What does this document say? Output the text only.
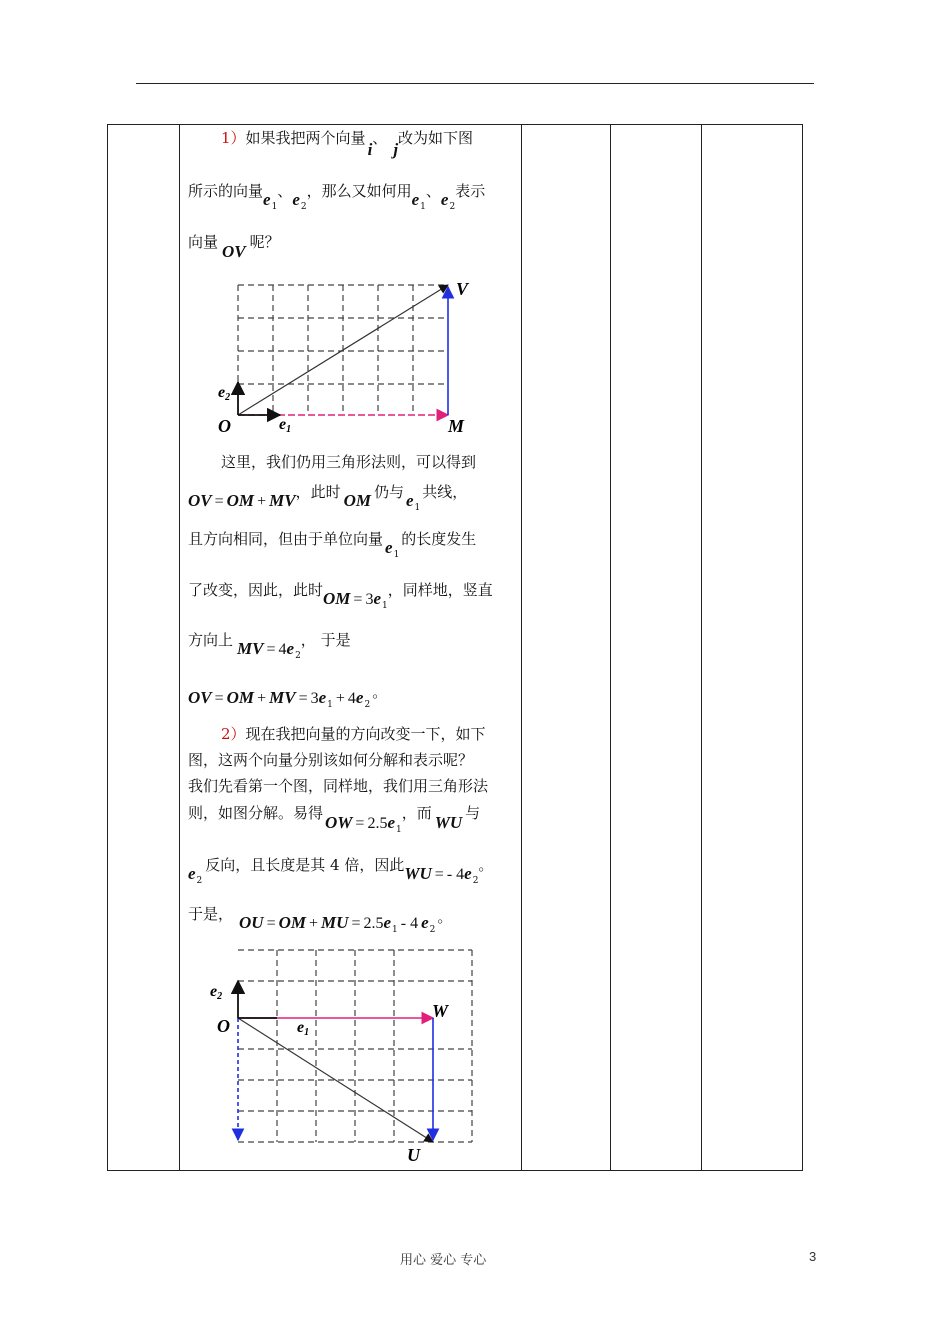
1）如果我把两个向量i、j改为如下图
所示的向量$e_1$、$e_2$，那么又如何用$e_1$、$e_2$表示
向量 OV 呢？
V
O	M
e1
e2
这里，我们仍用三角形法则，可以得到
OV = OM + MV，此时 OM 仍与 $e_1$共线，
且方向相同，但由于单位向量 $e_1$的长度发生
了改变，因此，此时OM = $3e_1$，同样地，竖直
方向上 MV = $4e_2$， 于是
OV = OM + MV = $3e_1 + 4e_2$。
2）现在我把向量的方向改变一下，如下
图，这两个向量分别该如何分解和表示呢？
我们先看第一个图，同样地，我们用三角形法
则，如图分解。易得 OW = $2.5e_1$，而 WU 与
$e_2$反向，且长度是其 4 倍，因此WU = - $4e_2$。
于是， OU = OM + MU = $2.5e_1 - 4$ $e_2$。
e2
O	e1
W
U
用心 爱心 专心	3
